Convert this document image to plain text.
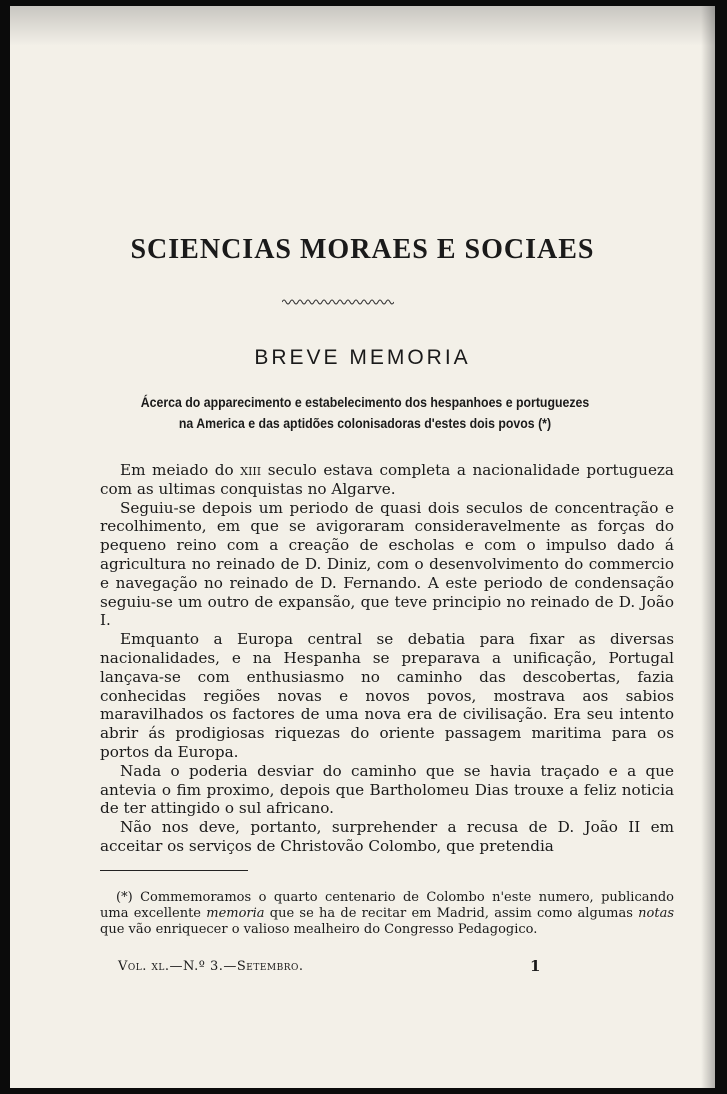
SCIENCIAS MORAES E SOCIAES
BREVE MEMORIA

Ácerca do apparecimento e estabelecimento dos hespanhoes e portuguezes
na America e das aptidões colonisadoras d'estes dois povos (*)

Em meiado do xiii seculo estava completa a nacionalidade portugueza com as ultimas conquistas no Algarve.

Seguiu-se depois um periodo de quasi dois seculos de concentração e recolhimento, em que se avigoraram consideravelmente as forças do pequeno reino com a creação de escholas e com o impulso dado á agricultura no reinado de D. Diniz, com o desenvolvimento do commercio e navegação no reinado de D. Fernando. A este periodo de condensação seguiu-se um outro de expansão, que teve principio no reinado de D. João I.

Emquanto a Europa central se debatia para fixar as diversas nacionalidades, e na Hespanha se preparava a unificação, Portugal lançava-se com enthusiasmo no caminho das descobertas, fazia conhecidas regiões novas e novos povos, mostrava aos sabios maravilhados os factores de uma nova era de civilisação. Era seu intento abrir ás prodigiosas riquezas do oriente passagem maritima para os portos da Europa.

Nada o poderia desviar do caminho que se havia traçado e a que antevia o fim proximo, depois que Bartholomeu Dias trouxe a feliz noticia de ter attingido o sul africano.

Não nos deve, portanto, surprehender a recusa de D. João II em acceitar os serviços de Christovão Colombo, que pretendia

(*) Commemoramos o quarto centenario de Colombo n'este numero, publicando uma excellente memoria que se ha de recitar em Madrid, assim como algumas notas que vão enriquecer o valioso mealheiro do Congresso Pedagogico.

Vol. xl.—N.º 3.—Setembro.	1
